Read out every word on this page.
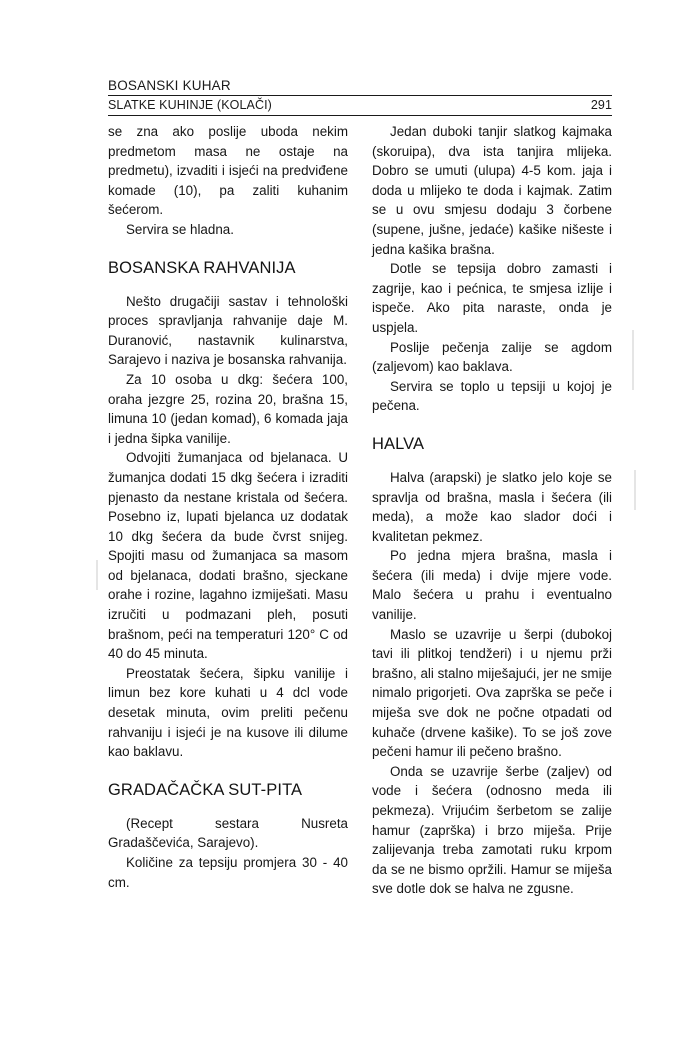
BOSANSKI KUHAR
SLATKE KUHINJE (KOLAČI)	291

se zna ako poslije uboda nekim predmetom masa ne ostaje na predmetu), izvaditi i isjeći na predviđene komade (10), pa zaliti kuhanim šećerom.

Servira se hladna.

BOSANSKA RAHVANIJA

Nešto drugačiji sastav i tehnološki proces spravljanja rahvanije daje M. Duranović, nastavnik kulinarstva, Sarajevo i naziva je bosanska rahvanija.

Za 10 osoba u dkg: šećera 100, oraha jezgre 25, rozina 20, brašna 15, limuna 10 (jedan komad), 6 komada jaja i jedna šipka vanilije.

Odvojiti žumanjaca od bjelanaca. U žumanjca dodati 15 dkg šećera i izraditi pjenasto da nestane kristala od šećera. Posebno iz, lupati bjelanca uz dodatak 10 dkg šećera da bude čvrst snijeg. Spojiti masu od žumanjaca sa masom od bjelanaca, dodati brašno, sjeckane orahe i rozine, lagahno izmiješati. Masu izručiti u podmazani pleh, posuti brašnom, peći na temperaturi 120° C od 40 do 45 minuta.

Preostatak šećera, šipku vanilije i limun bez kore kuhati u 4 dcl vode desetak minuta, ovim preliti pečenu rahvaniju i isjeći je na kusove ili dilume kao baklavu.

GRADAČAČKA SUT-PITA

(Recept sestara Nusreta Gradaščevića, Sarajevo).

Količine za tepsiju promjera 30 - 40 cm.

Jedan duboki tanjir slatkog kajmaka (skoruipa), dva ista tanjira mlijeka. Dobro se umuti (ulupa) 4-5 kom. jaja i doda u mlijeko te doda i kajmak. Zatim se u ovu smjesu dodaju 3 čorbene (supene, jušne, jedaće) kašike nišeste i jedna kašika brašna.

Dotle se tepsija dobro zamasti i zagrije, kao i pećnica, te smjesa izlije i ispeče. Ako pita naraste, onda je uspjela.

Poslije pečenja zalije se agdom (zaljevom) kao baklava.

Servira se toplo u tepsiji u kojoj je pečena.

HALVA

Halva (arapski) je slatko jelo koje se spravlja od brašna, masla i šećera (ili meda), a može kao slador doći i kvalitetan pekmez.

Po jedna mjera brašna, masla i šećera (ili meda) i dvije mjere vode. Malo šećera u prahu i eventualno vanilije.

Maslo se uzavrije u šerpi (dubokoj tavi ili plitkoj tendžeri) i u njemu prži brašno, ali stalno miješajući, jer ne smije nimalo prigorjeti. Ova zaprška se peče i miješa sve dok ne počne otpadati od kuhače (drvene kašike). To se još zove pečeni hamur ili pečeno brašno.

Onda se uzavrije šerbe (zaljev) od vode i šećera (odnosno meda ili pekmeza). Vrijućim šerbetom se zalije hamur (zaprška) i brzo miješa. Prije zalijevanja treba zamotati ruku krpom da se ne bismo opržili. Hamur se miješa sve dotle dok se halva ne zgusne.
